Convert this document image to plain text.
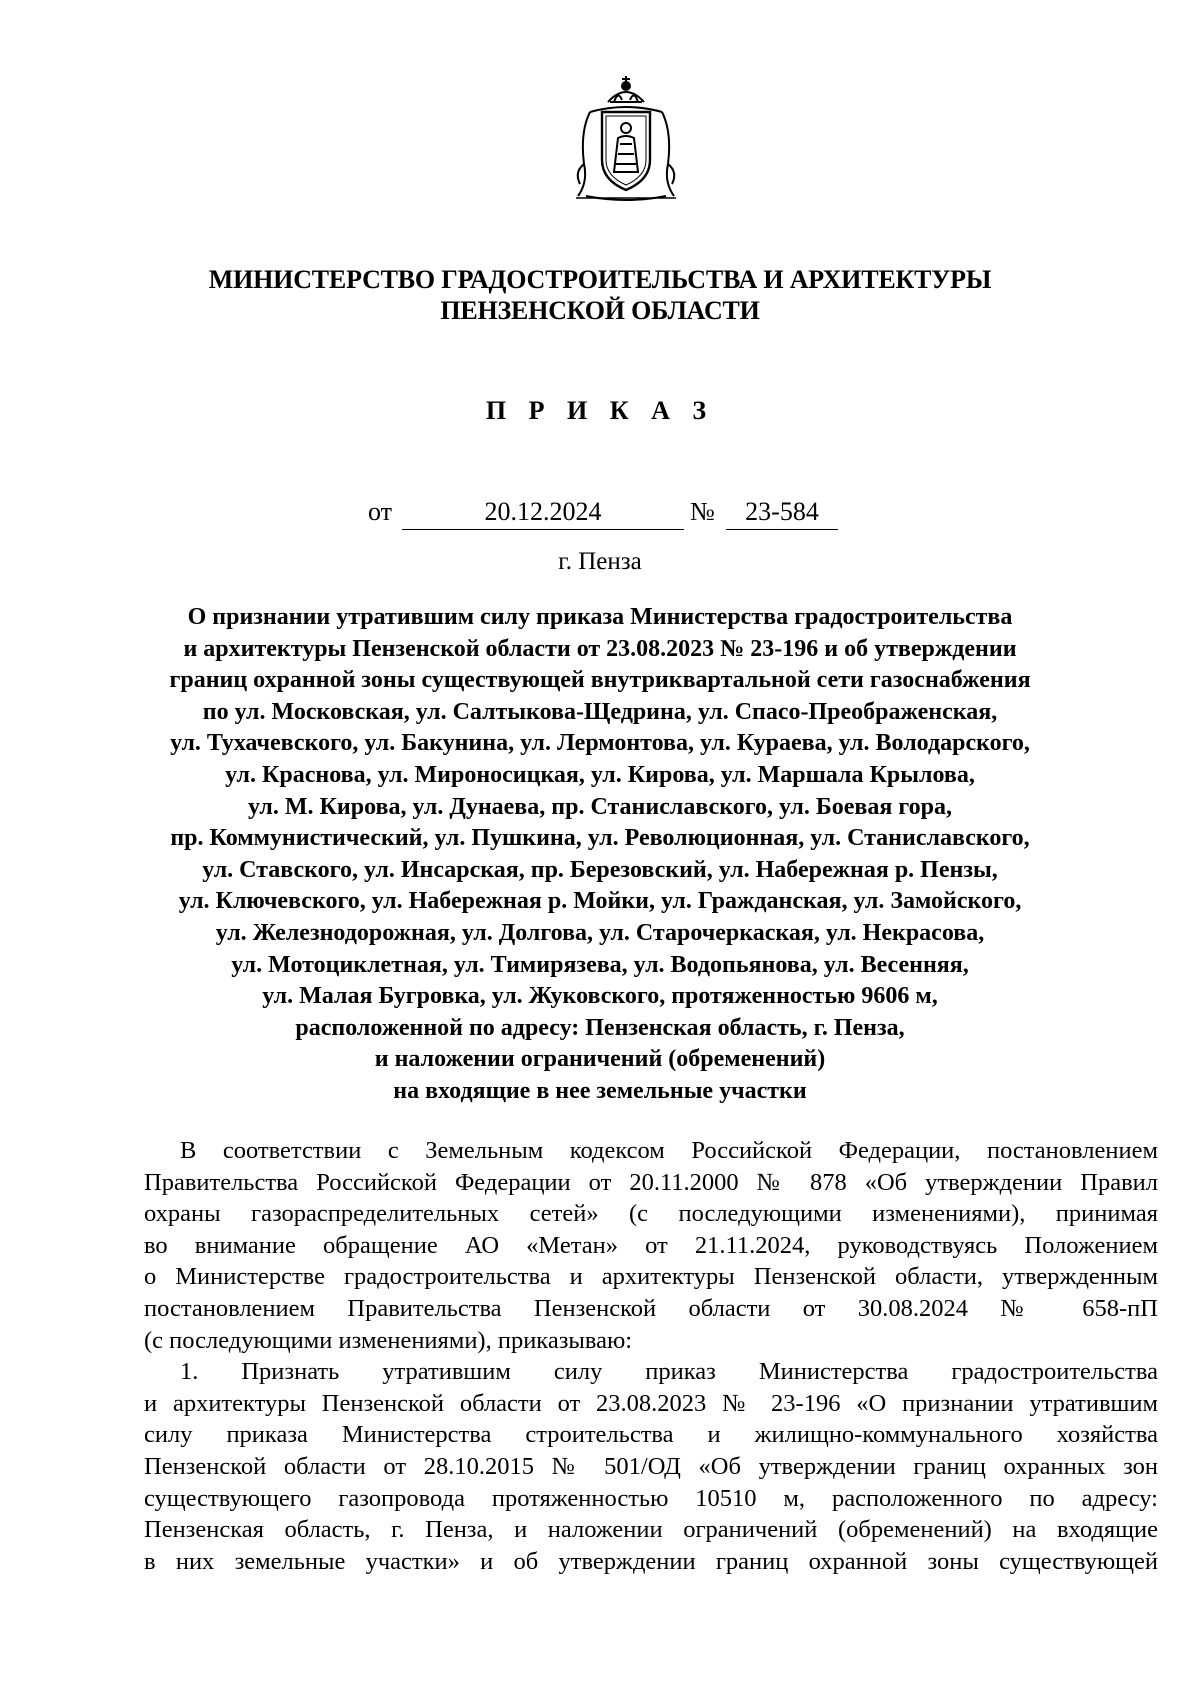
МИНИСТЕРСТВО ГРАДОСТРОИТЕЛЬСТВА И АРХИТЕКТУРЫ
ПЕНЗЕНСКОЙ ОБЛАСТИ
П Р И К А З
от	20.12.2024	№	23-584
г. Пенза
О признании утратившим силу приказа Министерства градостроительства
и архитектуры Пензенской области от 23.08.2023 № 23-196 и об утверждении
границ охранной зоны существующей внутриквартальной сети газоснабжения
по ул. Московская, ул. Салтыкова-Щедрина, ул. Спасо-Преображенская,
ул. Тухачевского, ул. Бакунина, ул. Лермонтова, ул. Кураева, ул. Володарского,
ул. Краснова, ул. Мироносицкая, ул. Кирова, ул. Маршала Крылова,
ул. М. Кирова, ул. Дунаева, пр. Станиславского, ул. Боевая гора,
пр. Коммунистический, ул. Пушкина, ул. Революционная, ул. Станиславского,
ул. Ставского, ул. Инсарская, пр. Березовский, ул. Набережная р. Пензы,
ул. Ключевского, ул. Набережная р. Мойки, ул. Гражданская, ул. Замойского,
ул. Железнодорожная, ул. Долгова, ул. Старочеркаская, ул. Некрасова,
ул. Мотоциклетная, ул. Тимирязева, ул. Водопьянова, ул. Весенняя,
ул. Малая Бугровка, ул. Жуковского, протяженностью 9606 м,
расположенной по адресу: Пензенская область, г. Пенза,
и наложении ограничений (обременений)
на входящие в нее земельные участки
В соответствии с Земельным кодексом Российской Федерации, постановлением
Правительства Российской Федерации от 20.11.2000 № 878 «Об утверждении Правил
охраны газораспределительных сетей» (с последующими изменениями), принимая
во внимание обращение АО «Метан» от 21.11.2024, руководствуясь Положением
о Министерстве градостроительства и архитектуры Пензенской области, утвержденным
постановлением Правительства Пензенской области от 30.08.2024 № 658-пП
(с последующими изменениями), приказываю:
1. Признать утратившим силу приказ Министерства градостроительства
и архитектуры Пензенской области от 23.08.2023 № 23-196 «О признании утратившим
силу приказа Министерства строительства и жилищно-коммунального хозяйства
Пензенской области от 28.10.2015 № 501/ОД «Об утверждении границ охранных зон
существующего газопровода протяженностью 10510 м, расположенного по адресу:
Пензенская область, г. Пенза, и наложении ограничений (обременений) на входящие
в них земельные участки» и об утверждении границ охранной зоны существующей
